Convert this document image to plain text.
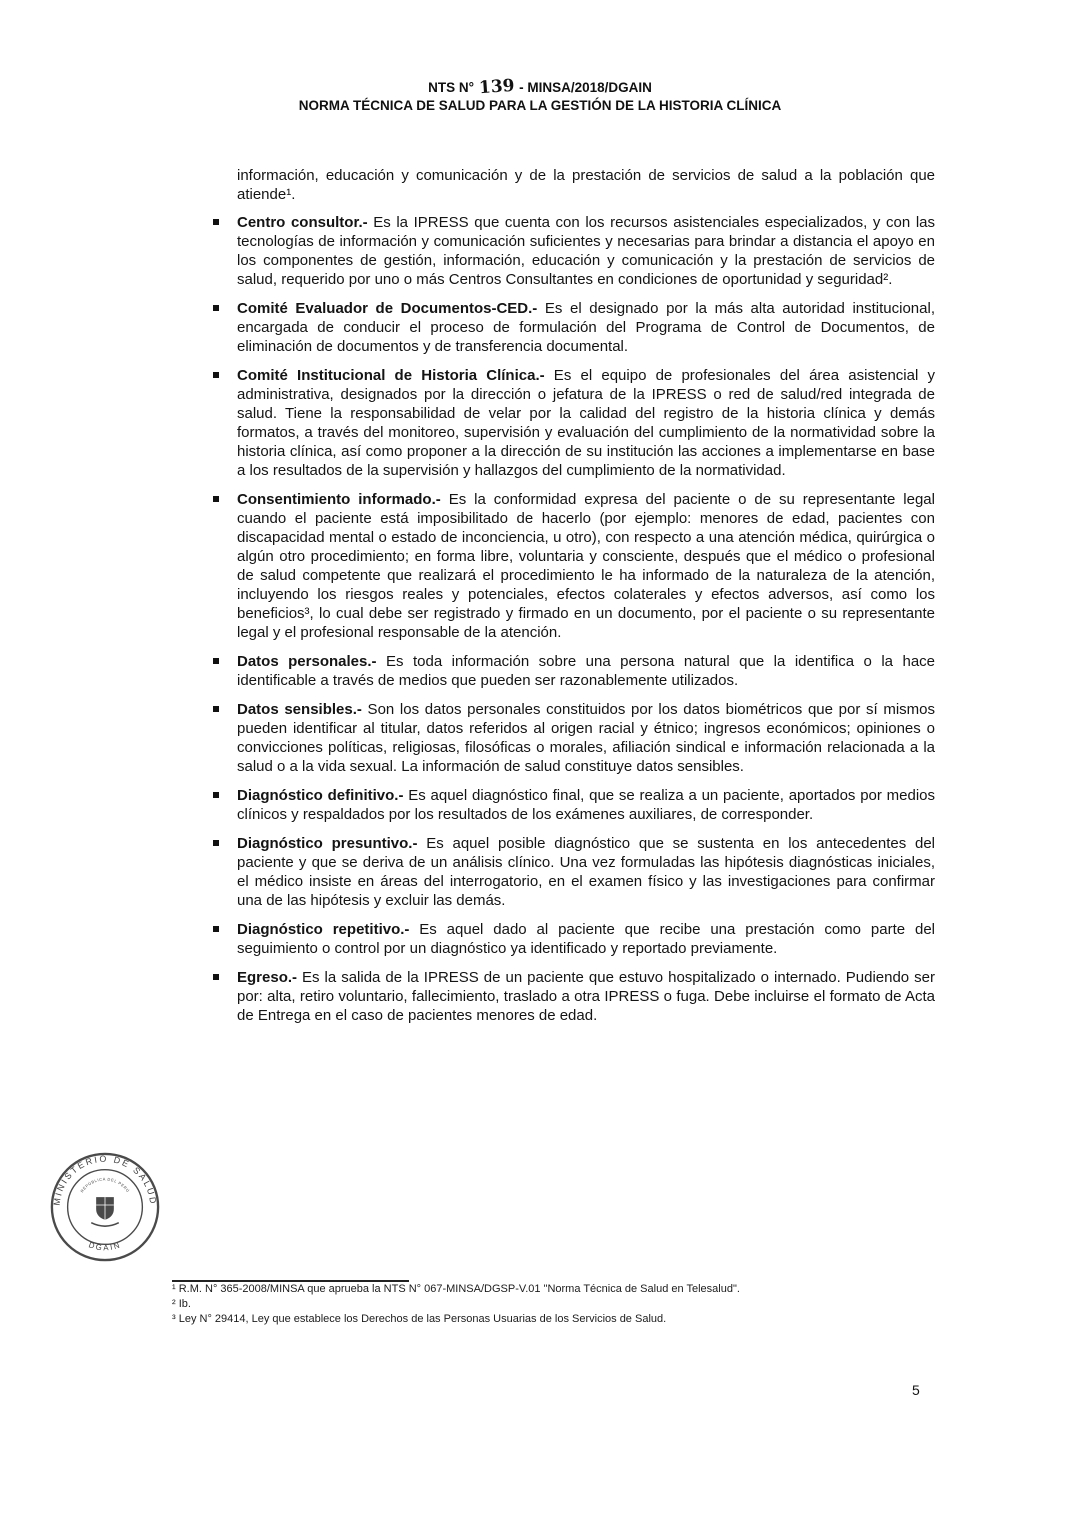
NTS N° 139 - MINSA/2018/DGAIN
NORMA TÉCNICA DE SALUD PARA LA GESTIÓN DE LA HISTORIA CLÍNICA

información, educación y comunicación y de la prestación de servicios de salud a la población que atiende¹.

Centro consultor.- Es la IPRESS que cuenta con los recursos asistenciales especializados, y con las tecnologías de información y comunicación suficientes y necesarias para brindar a distancia el apoyo en los componentes de gestión, información, educación y comunicación y la prestación de servicios de salud, requerido por uno o más Centros Consultantes en condiciones de oportunidad y seguridad².
Comité Evaluador de Documentos-CED.- Es el designado por la más alta autoridad institucional, encargada de conducir el proceso de formulación del Programa de Control de Documentos, de eliminación de documentos y de transferencia documental.
Comité Institucional de Historia Clínica.- Es el equipo de profesionales del área asistencial y administrativa, designados por la dirección o jefatura de la IPRESS o red de salud/red integrada de salud. Tiene la responsabilidad de velar por la calidad del registro de la historia clínica y demás formatos, a través del monitoreo, supervisión y evaluación del cumplimiento de la normatividad sobre la historia clínica, así como proponer a la dirección de su institución las acciones a implementarse en base a los resultados de la supervisión y hallazgos del cumplimiento de la normatividad.
Consentimiento informado.- Es la conformidad expresa del paciente o de su representante legal cuando el paciente está imposibilitado de hacerlo (por ejemplo: menores de edad, pacientes con discapacidad mental o estado de inconciencia, u otro), con respecto a una atención médica, quirúrgica o algún otro procedimiento; en forma libre, voluntaria y consciente, después que el médico o profesional de salud competente que realizará el procedimiento le ha informado de la naturaleza de la atención, incluyendo los riesgos reales y potenciales, efectos colaterales y efectos adversos, así como los beneficios³, lo cual debe ser registrado y firmado en un documento, por el paciente o su representante legal y el profesional responsable de la atención.
Datos personales.- Es toda información sobre una persona natural que la identifica o la hace identificable a través de medios que pueden ser razonablemente utilizados.
Datos sensibles.- Son los datos personales constituidos por los datos biométricos que por sí mismos pueden identificar al titular, datos referidos al origen racial y étnico; ingresos económicos; opiniones o convicciones políticas, religiosas, filosóficas o morales, afiliación sindical e información relacionada a la salud o a la vida sexual. La información de salud constituye datos sensibles.
Diagnóstico definitivo.- Es aquel diagnóstico final, que se realiza a un paciente, aportados por medios clínicos y respaldados por los resultados de los exámenes auxiliares, de corresponder.
Diagnóstico presuntivo.- Es aquel posible diagnóstico que se sustenta en los antecedentes del paciente y que se deriva de un análisis clínico. Una vez formuladas las hipótesis diagnósticas iniciales, el médico insiste en áreas del interrogatorio, en el examen físico y las investigaciones para confirmar una de las hipótesis y excluir las demás.
Diagnóstico repetitivo.- Es aquel dado al paciente que recibe una prestación como parte del seguimiento o control por un diagnóstico ya identificado y reportado previamente.
Egreso.- Es la salida de la IPRESS de un paciente que estuvo hospitalizado o internado. Pudiendo ser por: alta, retiro voluntario, fallecimiento, traslado a otra IPRESS o fuga. Debe incluirse el formato de Acta de Entrega en el caso de pacientes menores de edad.
MINISTERIO DE SALUD
DGAIN
REPÚBLICA DEL PERÚ
¹ R.M. N° 365-2008/MINSA que aprueba la NTS N° 067-MINSA/DGSP-V.01 "Norma Técnica de Salud en Telesalud".
² Ib.
³ Ley N° 29414, Ley que establece los Derechos de las Personas Usuarias de los Servicios de Salud.
5
